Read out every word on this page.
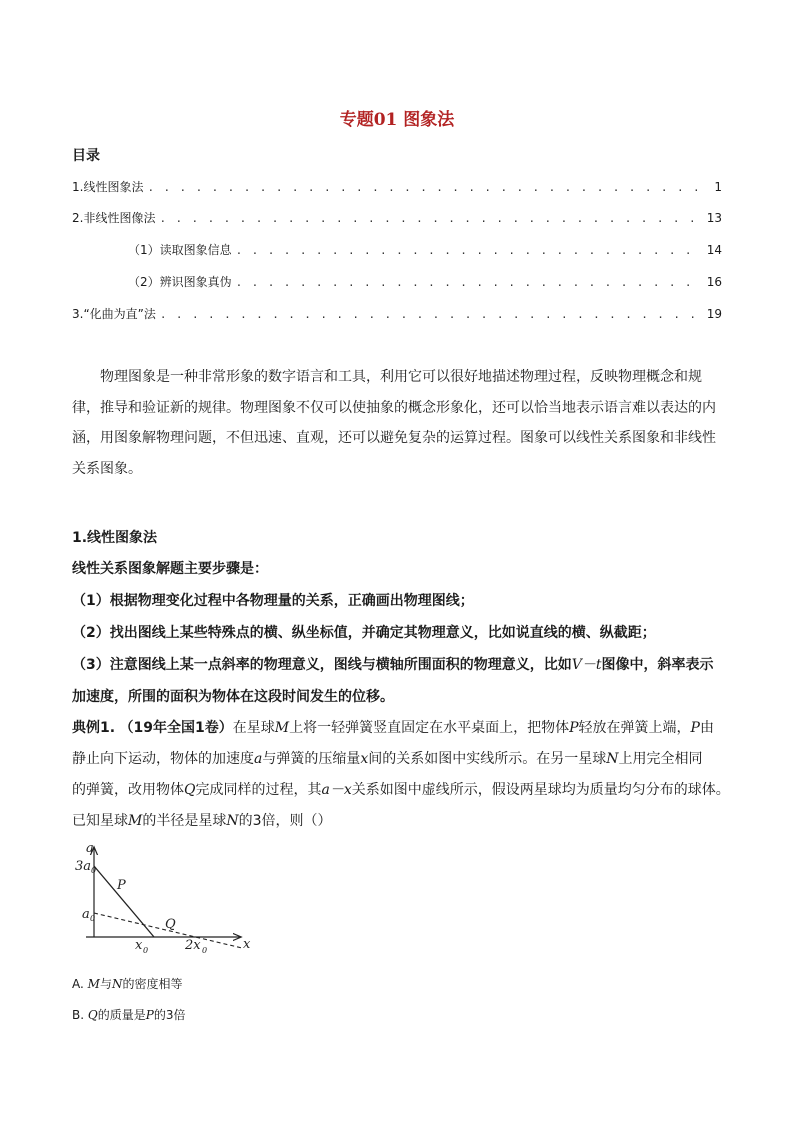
专题01 图象法
目录
1.线性图象法 . . .	1
2.非线性图像法 . . .	13
（1）读取图象信息 . . .	14
（2）辨识图象真伪 . . .	16
3.“化曲为直”法 . . .	19
物理图象是一种非常形象的数字语言和工具，利用它可以很好地描述物理过程，反映物理概念和规律，推导和验证新的规律。物理图象不仅可以使抽象的概念形象化，还可以恰当地表示语言难以表达的内涵，用图象解物理问题，不但迅速、直观，还可以避免复杂的运算过程。图象可以线性关系图象和非线性关系图象。
1.线性图象法
线性关系图象解题主要步骤是：
（1）根据物理变化过程中各物理量的关系，正确画出物理图线；
（2）找出图线上某些特殊点的横、纵坐标值，并确定其物理意义，比如说直线的横、纵截距；
（3）注意图线上某一点斜率的物理意义，图线与横轴所围面积的物理意义，比如V－t图像中，斜率表示
加速度，所围的面积为物体在这段时间发生的位移。
典例1. （19年全国1卷）在星球M上将一轻弹簧竖直固定在水平桌面上，把物体P轻放在弹簧上端，P由
静止向下运动，物体的加速度a与弹簧的压缩量x间的关系如图中实线所示。在另一星球N上用完全相同
的弹簧，改用物体Q完成同样的过程，其a－x关系如图中虚线所示，假设两星球均为质量均匀分布的球体。
已知星球M的半径是星球N的3倍，则（）
a
x
3a 0
a 0
P
Q
x 0	2x 0
A. M与N的密度相等
B. Q的质量是P的3倍
